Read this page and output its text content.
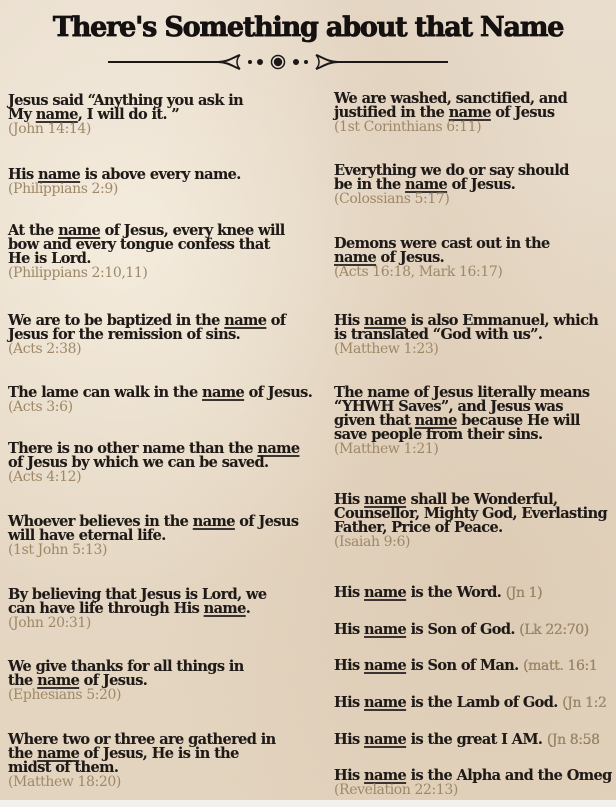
There's Something about that Name
Jesus said “Anything you ask in
My name, I will do it. ”
(John 14:14)
His name is above every name.
(Philippians 2:9)
At the name of Jesus, every knee will
bow and every tongue confess that
He is Lord.
(Philippians 2:10,11)
We are to be baptized in the name of
Jesus for the remission of sins.
(Acts 2:38)
The lame can walk in the name of Jesus.
(Acts 3:6)
There is no other name than the name
of Jesus by which we can be saved.
(Acts 4:12)
Whoever believes in the name of Jesus
will have eternal life.
(1st John 5:13)
By believing that Jesus is Lord, we
can have life through His name.
(John 20:31)
We give thanks for all things in
the name of Jesus.
(Ephesians 5:20)
Where two or three are gathered in
the name of Jesus, He is in the
midst of them.
(Matthew 18:20)
We are washed, sanctified, and
justified in the name of Jesus
(1st Corinthians 6:11)
Everything we do or say should
be in the name of Jesus.
(Colossians 5:17)
Demons were cast out in the
name of Jesus.
(Acts 16:18, Mark 16:17)
His name is also Emmanuel, which
is translated “God with us”.
(Matthew 1:23)
The name of Jesus literally means
“YHWH Saves”, and Jesus was
given that name because He will
save people from their sins.
(Matthew 1:21)
His name shall be Wonderful,
Counsellor, Mighty God, Everlasting
Father, Price of Peace.
(Isaiah 9:6)
His name is the Word. (Jn 1)
His name is Son of God. (Lk 22:70)
His name is Son of Man. (matt. 16:1
His name is the Lamb of God. (Jn 1:2
His name is the great I AM. (Jn 8:58
His name is the Alpha and the Omeg
(Revelation 22:13)
